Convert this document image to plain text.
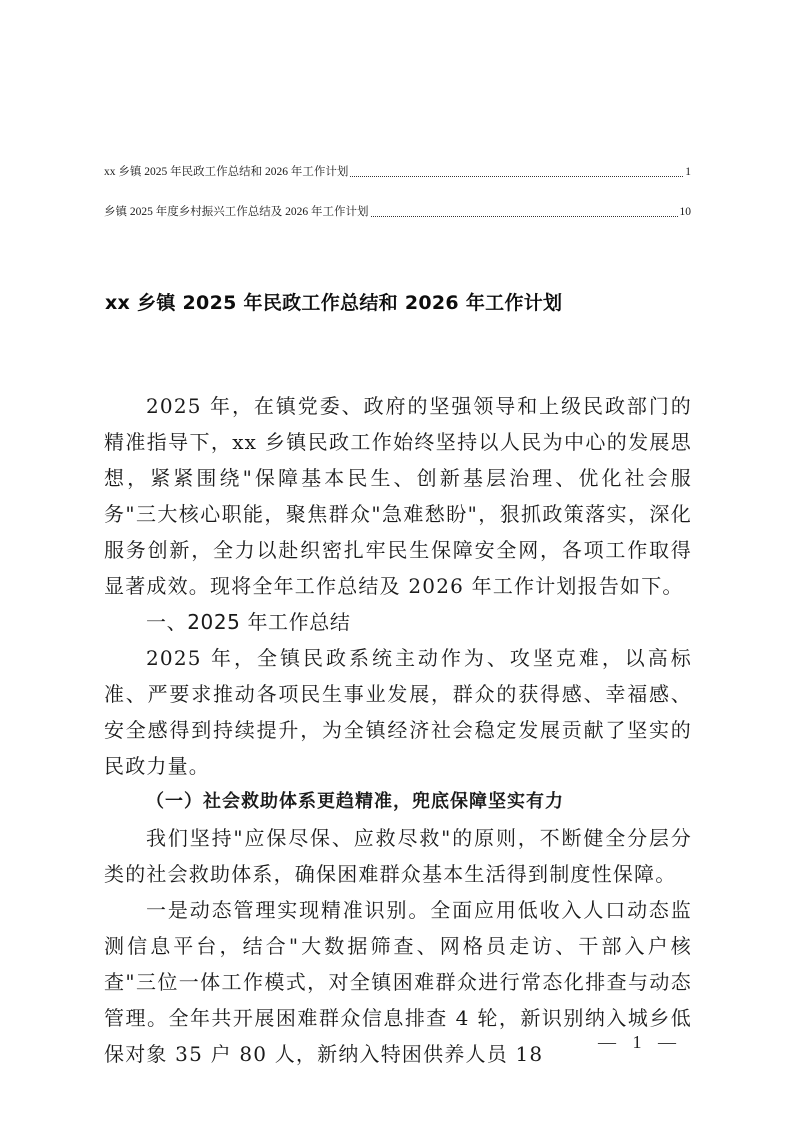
xx 乡镇 2025 年民政工作总结和 2026 年工作计划	1
乡镇 2025 年度乡村振兴工作总结及 2026 年工作计划	10
xx 乡镇 2025 年民政工作总结和 2026 年工作计划

2025 年，在镇党委、政府的坚强领导和上级民政部门的精准指导下，xx 乡镇民政工作始终坚持以人民为中心的发展思想，紧紧围绕"保障基本民生、创新基层治理、优化社会服务"三大核心职能，聚焦群众"急难愁盼"，狠抓政策落实，深化服务创新，全力以赴织密扎牢民生保障安全网，各项工作取得显著成效。现将全年工作总结及 2026 年工作计划报告如下。

一、2025 年工作总结

2025 年，全镇民政系统主动作为、攻坚克难，以高标准、严要求推动各项民生事业发展，群众的获得感、幸福感、安全感得到持续提升，为全镇经济社会稳定发展贡献了坚实的民政力量。

（一）社会救助体系更趋精准，兜底保障坚实有力

我们坚持"应保尽保、应救尽救"的原则，不断健全分层分类的社会救助体系，确保困难群众基本生活得到制度性保障。

一是动态管理实现精准识别。全面应用低收入人口动态监测信息平台，结合"大数据筛查、网格员走访、干部入户核查"三位一体工作模式，对全镇困难群众进行常态化排查与动态管理。全年共开展困难群众信息排查 4 轮，新识别纳入城乡低保对象 35 户 80 人，新纳入特困供养人员 18	— 1 —
